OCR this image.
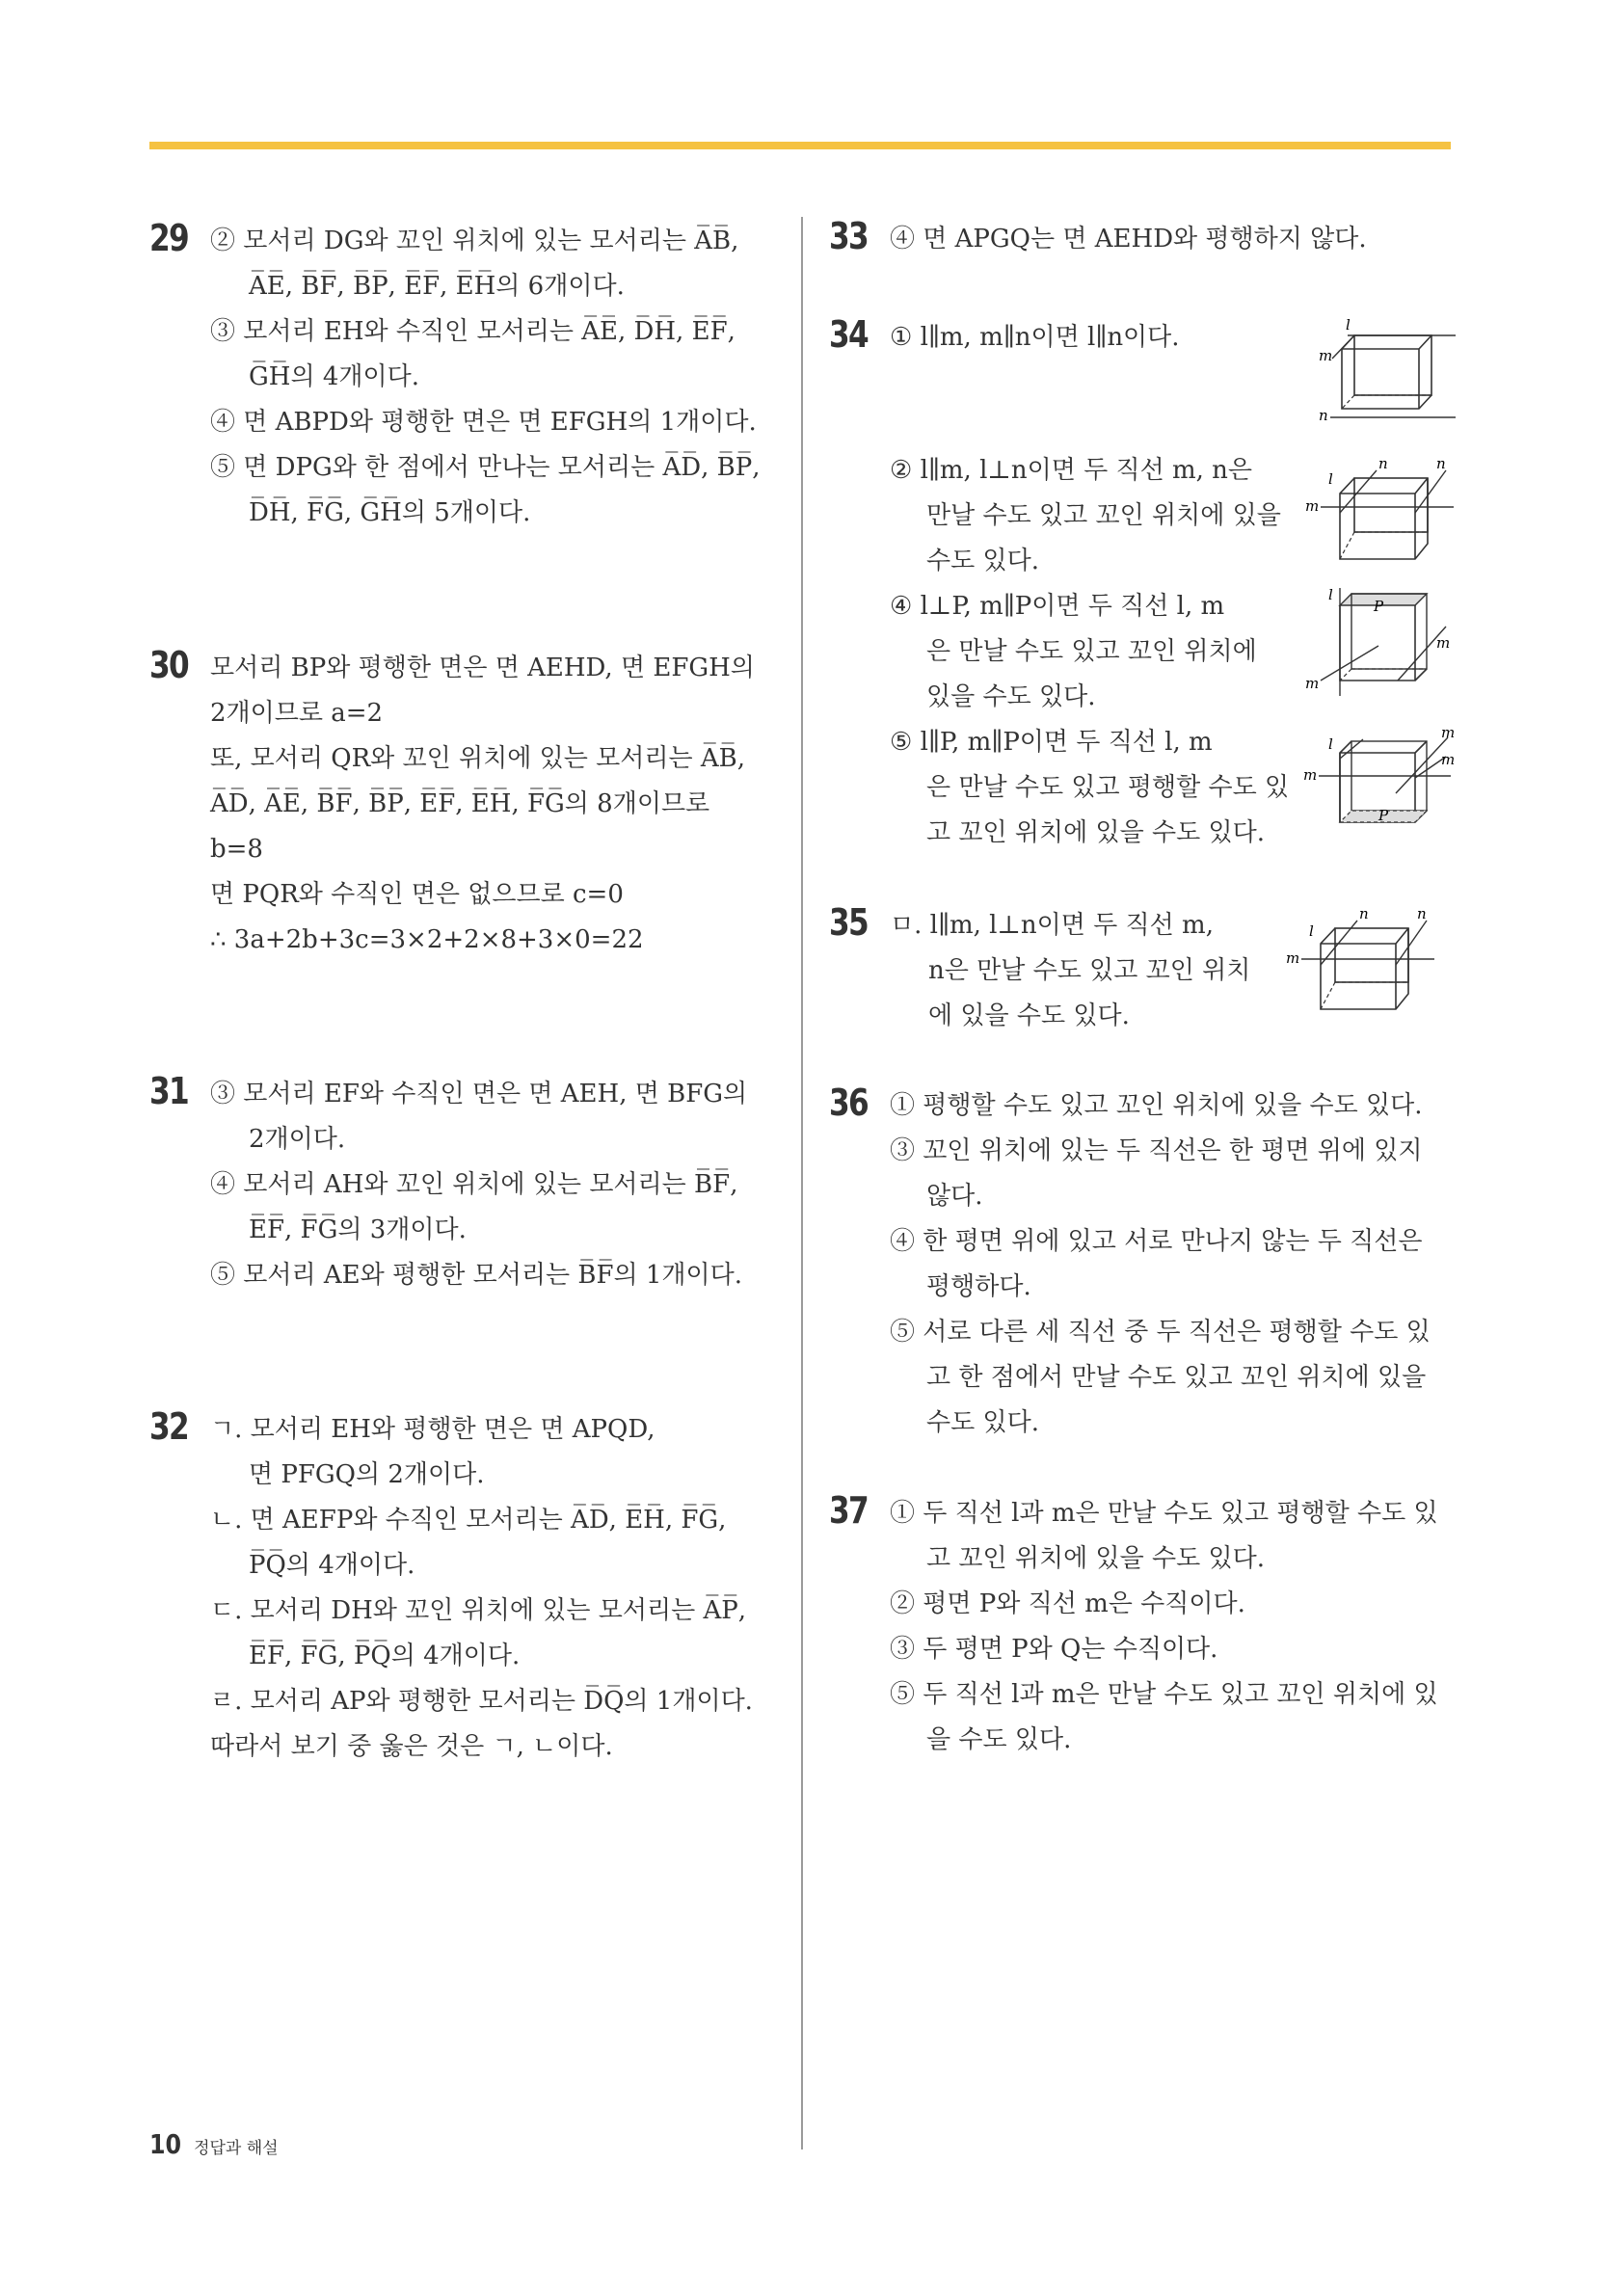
29 ② 모서리 DG와 꼬인 위치에 있는 모서리는 A̅B̅,
A̅E̅, B̅F̅, B̅P̅, E̅F̅, E̅H̅의 6개이다.
③ 모서리 EH와 수직인 모서리는 A̅E̅, D̅H̅, E̅F̅,
G̅H̅의 4개이다.
④ 면 ABPD와 평행한 면은 면 EFGH의 1개이다.
⑤ 면 DPG와 한 점에서 만나는 모서리는 A̅D̅, B̅P̅,
D̅H̅, F̅G̅, G̅H̅의 5개이다.
30 모서리 BP와 평행한 면은 면 AEHD, 면 EFGH의
2개이므로 a=2
또, 모서리 QR와 꼬인 위치에 있는 모서리는 A̅B̅,
A̅D̅, A̅E̅, B̅F̅, B̅P̅, E̅F̅, E̅H̅, F̅G̅의 8개이므로
b=8
면 PQR와 수직인 면은 없으므로 c=0
∴ 3a+2b+3c=3×2+2×8+3×0=22
31 ③ 모서리 EF와 수직인 면은 면 AEH, 면 BFG의
2개이다.
④ 모서리 AH와 꼬인 위치에 있는 모서리는 B̅F̅,
E̅F̅, F̅G̅의 3개이다.
⑤ 모서리 AE와 평행한 모서리는 B̅F̅의 1개이다.
32 ㄱ. 모서리 EH와 평행한 면은 면 APQD,
면 PFGQ의 2개이다.
ㄴ. 면 AEFP와 수직인 모서리는 A̅D̅, E̅H̅, F̅G̅,
P̅Q̅의 4개이다.
ㄷ. 모서리 DH와 꼬인 위치에 있는 모서리는 A̅P̅,
E̅F̅, F̅G̅, P̅Q̅의 4개이다.
ㄹ. 모서리 AP와 평행한 모서리는 D̅Q̅의 1개이다.
따라서 보기 중 옳은 것은 ㄱ, ㄴ이다.
33 ④ 면 APGQ는 면 AEHD와 평행하지 않다.
34 ① l∥m, m∥n이면 l∥n이다.
② l∥m, l⊥n이면 두 직선 m, n은
만날 수도 있고 꼬인 위치에 있을
수도 있다.
④ l⊥P, m∥P이면 두 직선 l, m
은 만날 수도 있고 꼬인 위치에
있을 수도 있다.
⑤ l∥P, m∥P이면 두 직선 l, m
은 만날 수도 있고 평행할 수도 있
고 꼬인 위치에 있을 수도 있다.
l
m
n
l
m
n	n
l
P
m
m
l
m
m
m
P
35 ㅁ. l∥m, l⊥n이면 두 직선 m,
n은 만날 수도 있고 꼬인 위치
에 있을 수도 있다.
l
m
n	n
36 ① 평행할 수도 있고 꼬인 위치에 있을 수도 있다.
③ 꼬인 위치에 있는 두 직선은 한 평면 위에 있지
않다.
④ 한 평면 위에 있고 서로 만나지 않는 두 직선은
평행하다.
⑤ 서로 다른 세 직선 중 두 직선은 평행할 수도 있
고 한 점에서 만날 수도 있고 꼬인 위치에 있을
수도 있다.
37 ① 두 직선 l과 m은 만날 수도 있고 평행할 수도 있
고 꼬인 위치에 있을 수도 있다.
② 평면 P와 직선 m은 수직이다.
③ 두 평면 P와 Q는 수직이다.
⑤ 두 직선 l과 m은 만날 수도 있고 꼬인 위치에 있
을 수도 있다.
10 정답과 해설
